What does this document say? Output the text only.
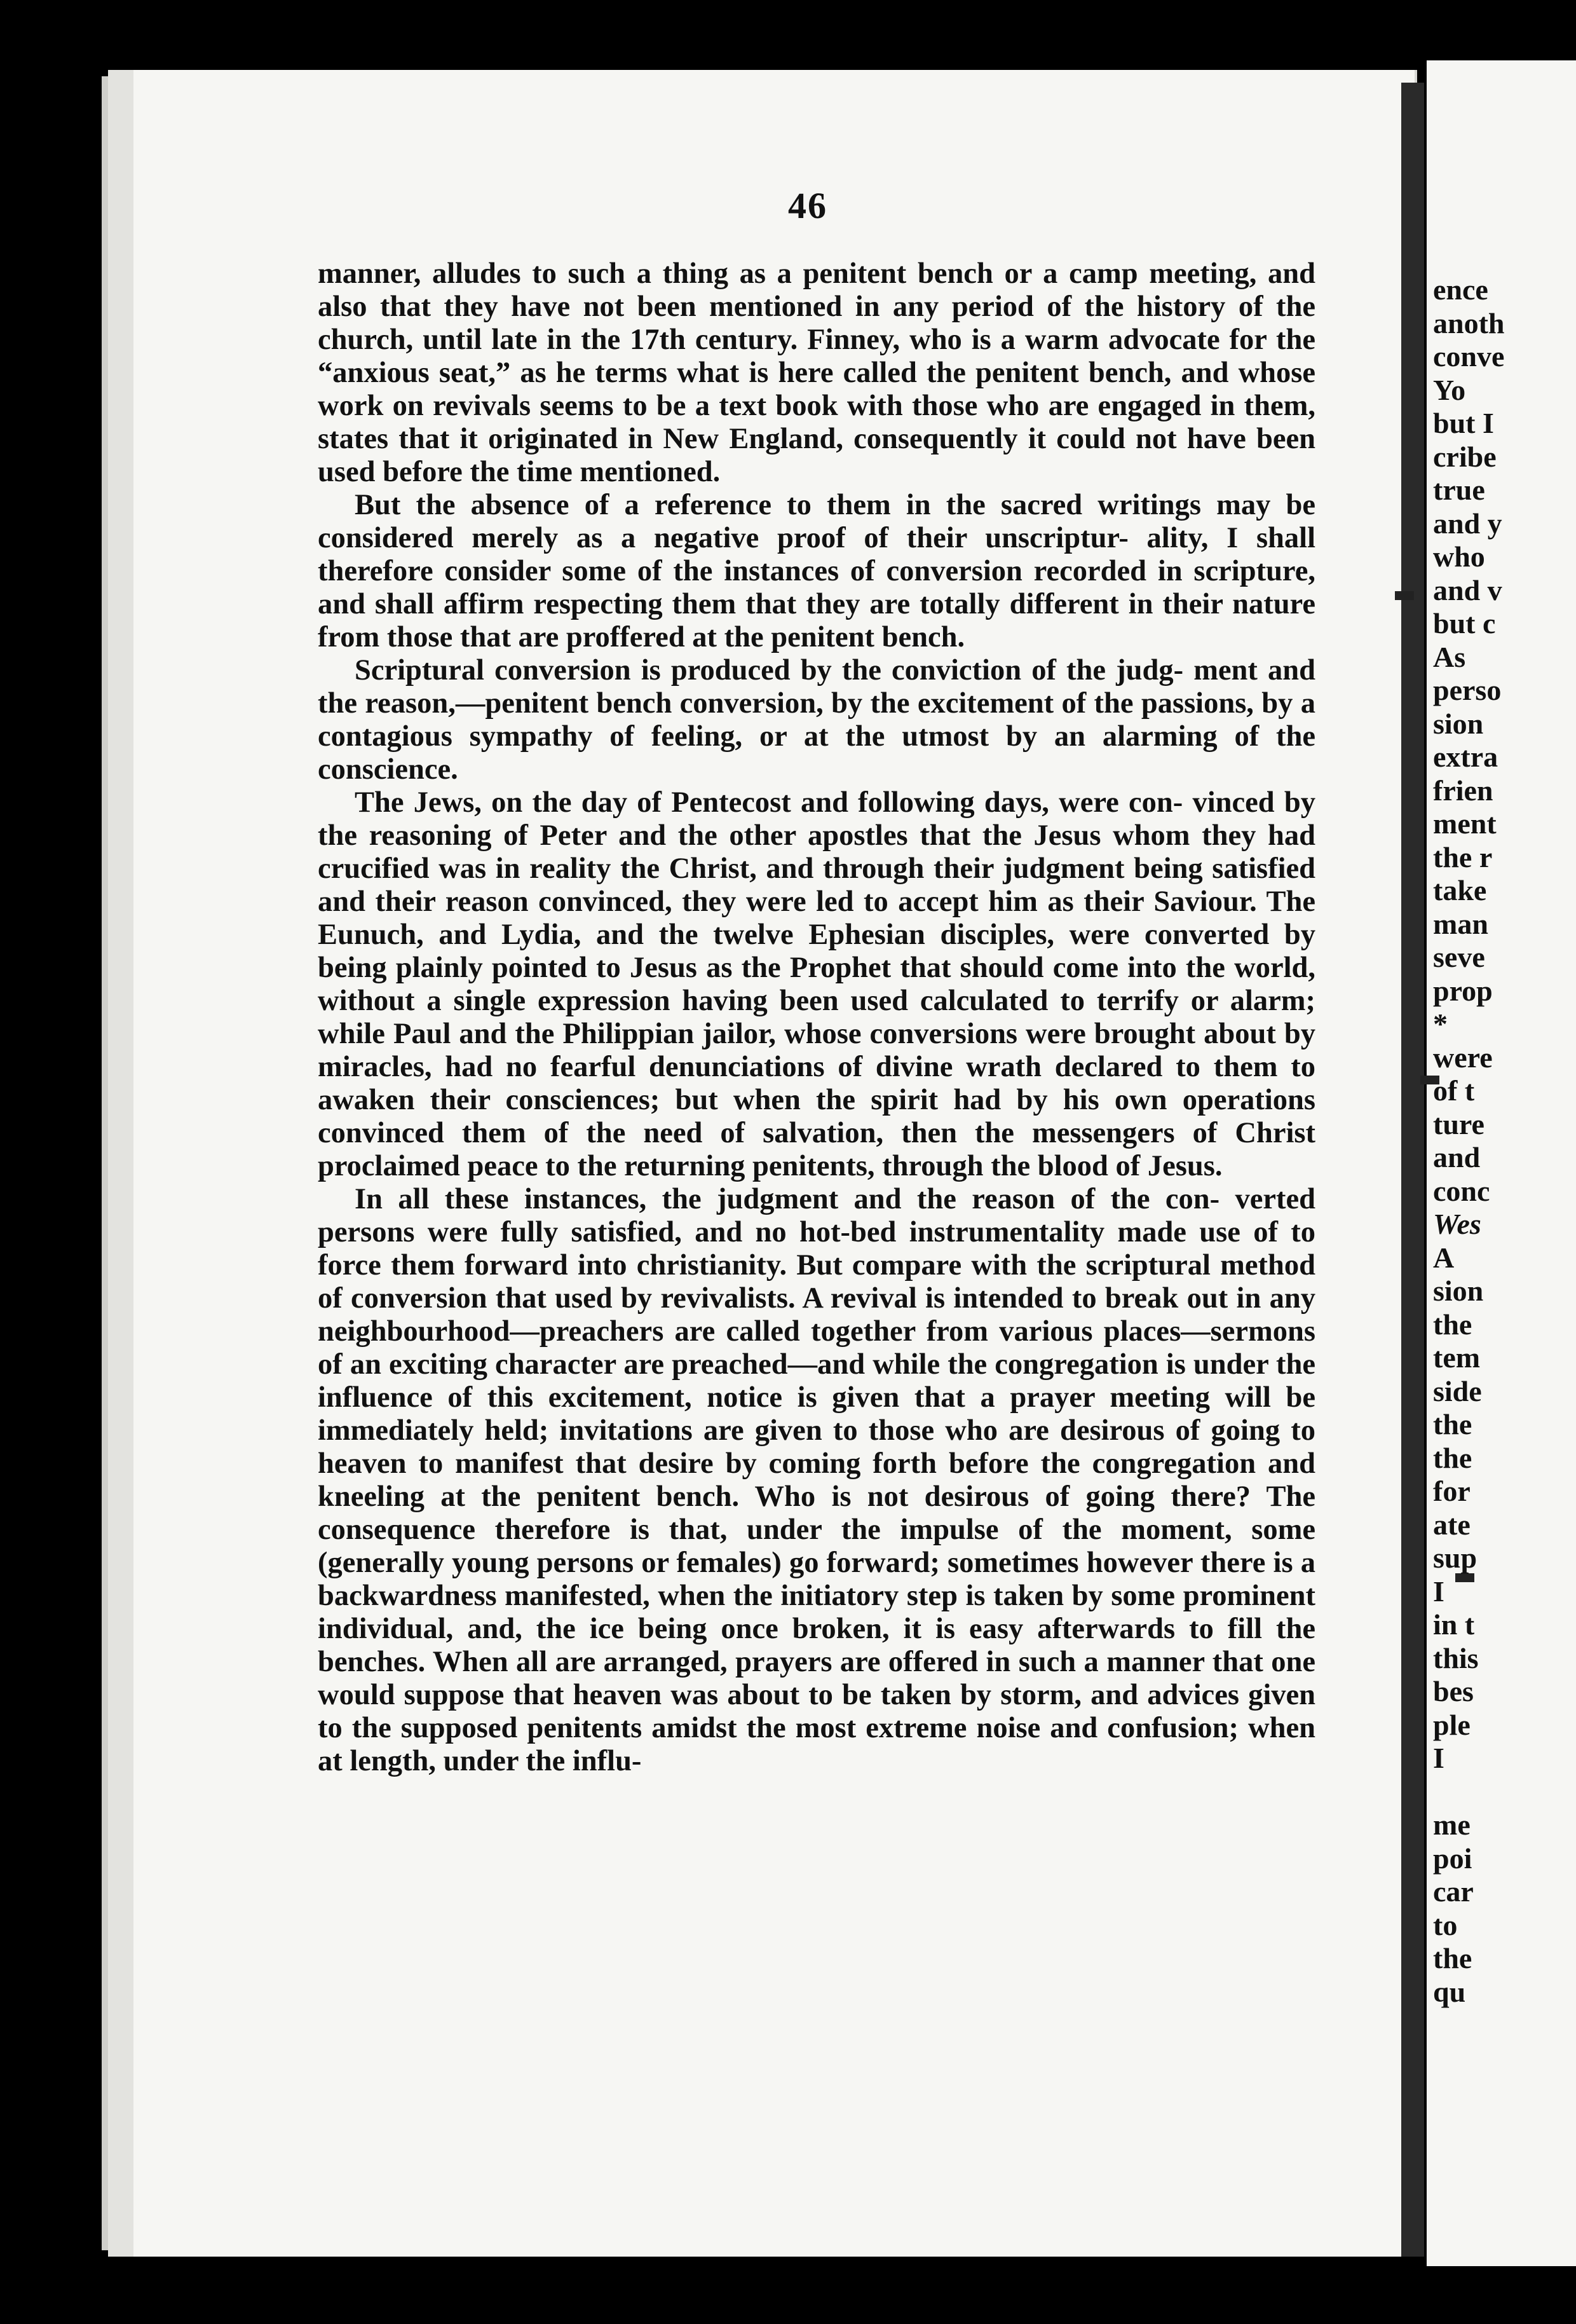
46

manner, alludes to such a thing as a penitent bench or a camp meeting, and also that they have not been mentioned in any period of the history of the church, until late in the 17th century. Finney, who is a warm advocate for the “anxious seat,” as he terms what is here called the penitent bench, and whose work on revivals seems to be a text book with those who are engaged in them, states that it originated in New England, consequently it could not have been used before the time mentioned.

But the absence of a reference to them in the sacred writings may be considered merely as a negative proof of their unscriptur- ality, I shall therefore consider some of the instances of conversion recorded in scripture, and shall affirm respecting them that they are totally different in their nature from those that are proffered at the penitent bench.

Scriptural conversion is produced by the conviction of the judg- ment and the reason,—penitent bench conversion, by the excitement of the passions, by a contagious sympathy of feeling, or at the utmost by an alarming of the conscience.

The Jews, on the day of Pentecost and following days, were con- vinced by the reasoning of Peter and the other apostles that the Jesus whom they had crucified was in reality the Christ, and through their judgment being satisfied and their reason convinced, they were led to accept him as their Saviour. The Eunuch, and Lydia, and the twelve Ephesian disciples, were converted by being plainly pointed to Jesus as the Prophet that should come into the world, without a single expression having been used calculated to terrify or alarm; while Paul and the Philippian jailor, whose conversions were brought about by miracles, had no fearful denunciations of divine wrath declared to them to awaken their consciences; but when the spirit had by his own operations convinced them of the need of salvation, then the messengers of Christ proclaimed peace to the returning penitents, through the blood of Jesus.

In all these instances, the judgment and the reason of the con- verted persons were fully satisfied, and no hot-bed instrumentality made use of to force them forward into christianity. But compare with the scriptural method of conversion that used by revivalists. A revival is intended to break out in any neighbourhood—preachers are called together from various places—sermons of an exciting character are preached—and while the congregation is under the influence of this excitement, notice is given that a prayer meeting will be immediately held; invitations are given to those who are desirous of going to heaven to manifest that desire by coming forth before the congregation and kneeling at the penitent bench. Who is not desirous of going there? The consequence therefore is that, under the impulse of the moment, some (generally young persons or females) go forward; sometimes however there is a backwardness manifested, when the initiatory step is taken by some prominent individual, and, the ice being once broken, it is easy afterwards to fill the benches. When all are arranged, prayers are offered in such a manner that one would suppose that heaven was about to be taken by storm, and advices given to the supposed penitents amidst the most extreme noise and confusion; when at length, under the influ-

ence
anoth
conve
Yo
but I
cribe
true
and y
who
and v
but c
As
perso
sion
extra
frien
ment
the r
take
man
seve
prop
*
were
of t
ture
and
conc
Wes
A
sion
the
tem
side
the
the
for
ate
sup
I
in t
this
bes
ple
I
me
poi
car
to
the
qu
